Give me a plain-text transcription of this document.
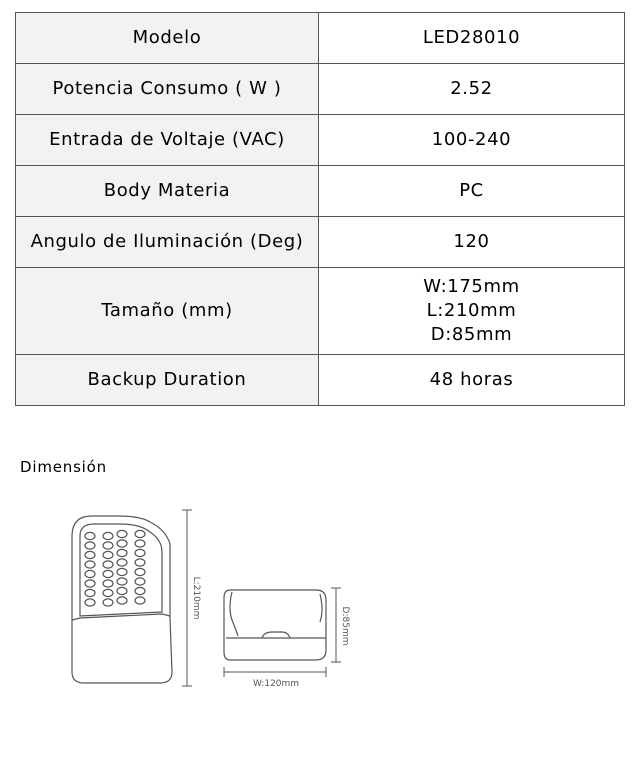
Modelo	LED28010

Potencia Consumo ( W )	2.52

Entrada de Voltaje (VAC)	100-240

Body Materia	PC

Angulo de Iluminación (Deg)	120

Tamaño (mm)	W:175mm
L:210mm
D:85mm

Backup Duration	48 horas
Dimensión
L:210mm
D:85mm
W:120mm
